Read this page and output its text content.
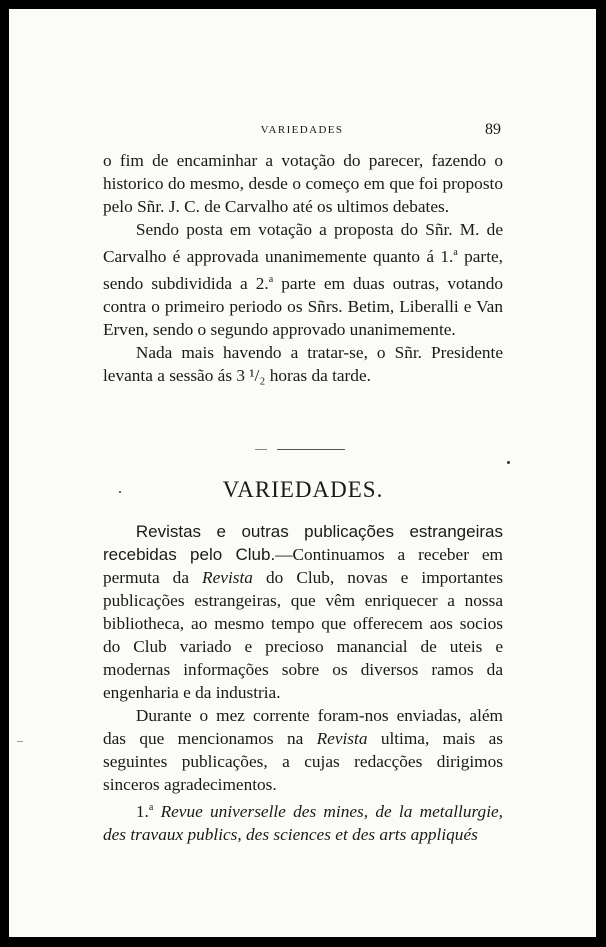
VARIEDADES	89

o fim de encaminhar a votação do parecer, fazendo o historico do mesmo, desde o começo em que foi proposto pelo Sñr. J. C. de Carvalho até os ultimos debates.

Sendo posta em votação a proposta do Sñr. M. de Carvalho é approvada unanimemente quanto á 1.$^a$ parte, sendo subdividida a 2.$^a$ parte em duas outras, votando contra o primeiro periodo os Sñrs. Betim, Liberalli e Van Erven, sendo o segundo approvado unanimemente.

Nada mais havendo a tratar-se, o Sñr. Presidente levanta a sessão ás 3 ¹/₂ horas da tarde.

VARIEDADES.

Revistas e outras publicações estrangeiras recebidas pelo Club.—Continuamos a receber em permuta da Revista do Club, novas e importantes publicações estrangeiras, que vêm enriquecer a nossa bibliotheca, ao mesmo tempo que offerecem aos socios do Club variado e precioso manancial de uteis e modernas informações sobre os diversos ramos da engenharia e da industria.

Durante o mez corrente foram-nos enviadas, além das que mencionamos na Revista ultima, mais as seguintes publicações, a cujas redacções dirigimos sinceros agradecimentos.

1.$^a$ Revue universelle des mines, de la metallurgie, des travaux publics, des sciences et des arts appliqués
